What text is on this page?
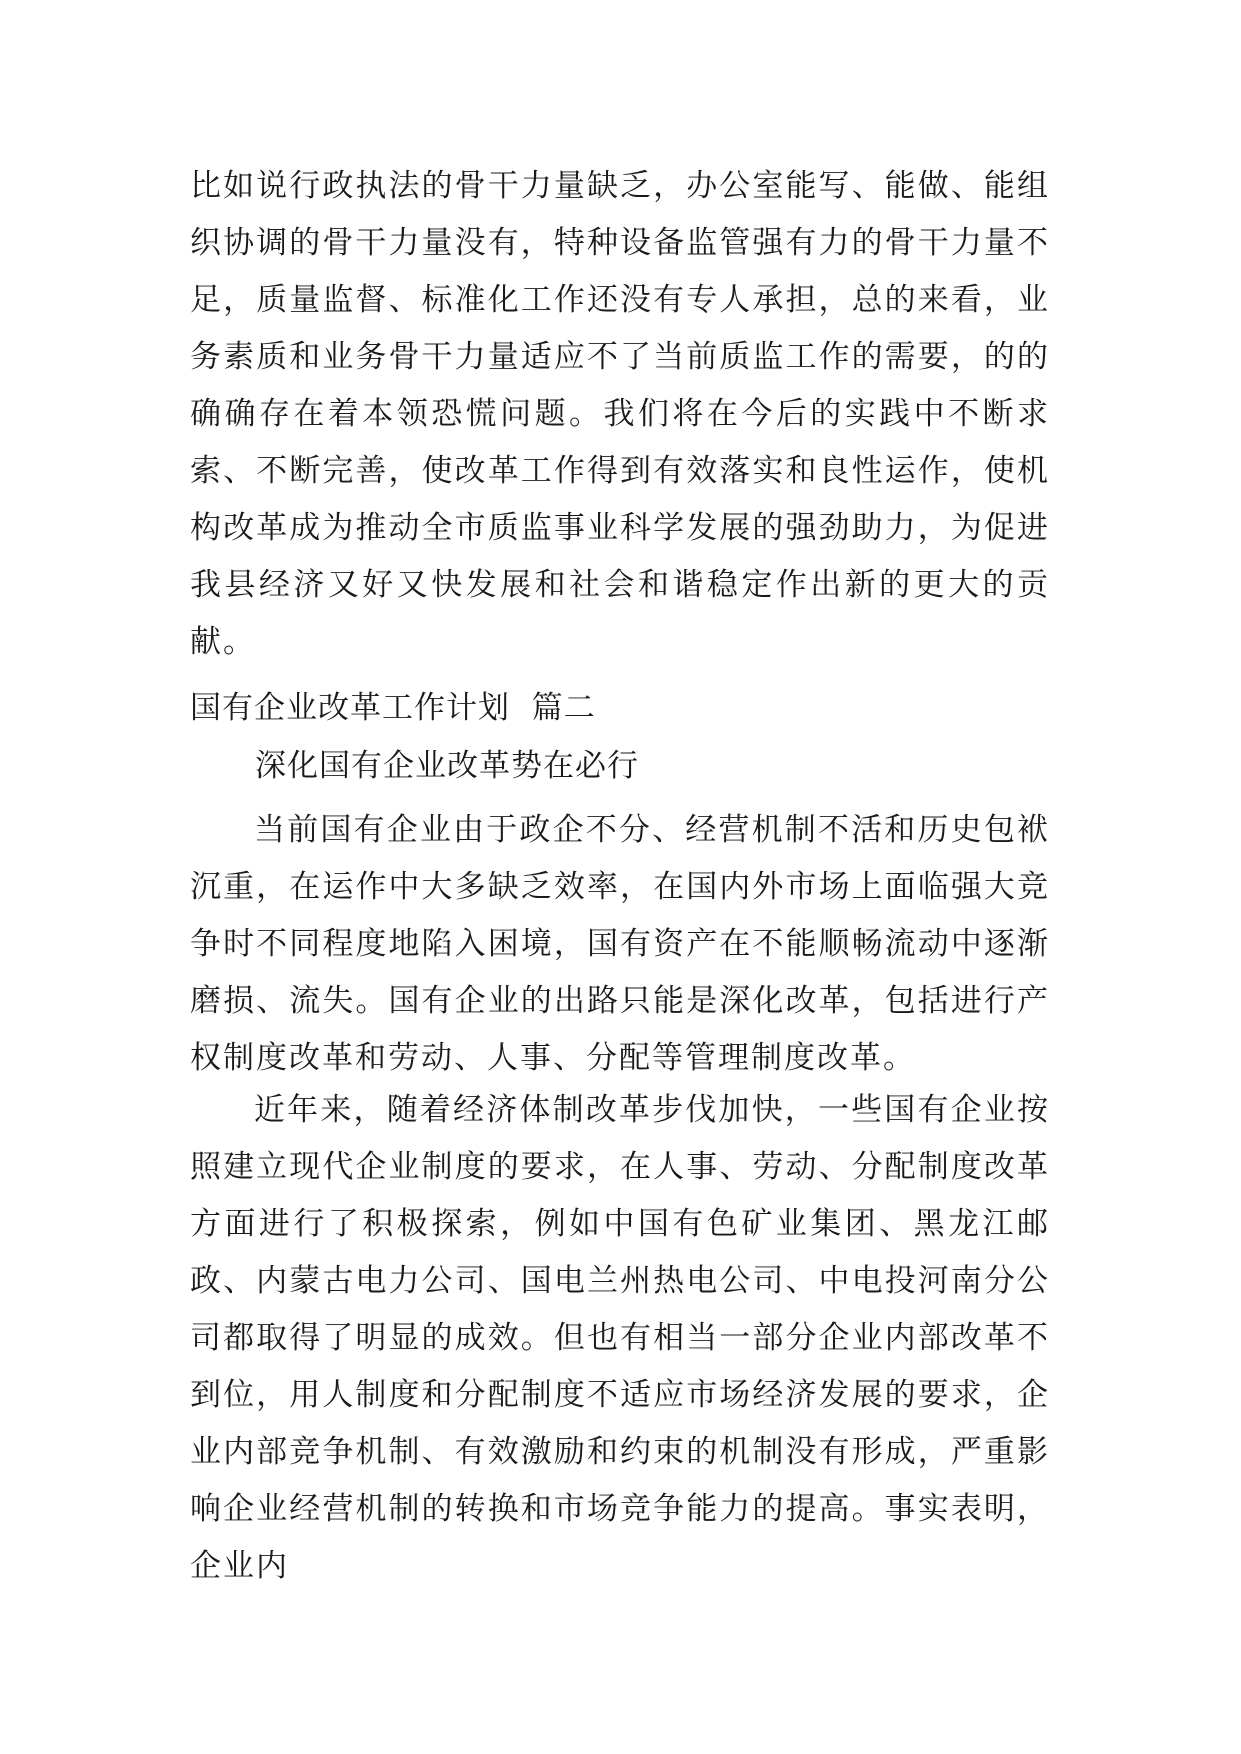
比如说行政执法的骨干力量缺乏，办公室能写、能做、能组织协调的骨干力量没有，特种设备监管强有力的骨干力量不足，质量监督、标准化工作还没有专人承担，总的来看，业务素质和业务骨干力量适应不了当前质监工作的需要，的的确确存在着本领恐慌问题。我们将在今后的实践中不断求索、不断完善，使改革工作得到有效落实和良性运作，使机构改革成为推动全市质监事业科学发展的强劲助力，为促进我县经济又好又快发展和社会和谐稳定作出新的更大的贡献。

国有企业改革工作计划  篇二
深化国有企业改革势在必行

当前国有企业由于政企不分、经营机制不活和历史包袱沉重，在运作中大多缺乏效率，在国内外市场上面临强大竞争时不同程度地陷入困境，国有资产在不能顺畅流动中逐渐磨损、流失。国有企业的出路只能是深化改革，包括进行产权制度改革和劳动、人事、分配等管理制度改革。

近年来，随着经济体制改革步伐加快，一些国有企业按照建立现代企业制度的要求，在人事、劳动、分配制度改革方面进行了积极探索，例如中国有色矿业集团、黑龙江邮政、内蒙古电力公司、国电兰州热电公司、中电投河南分公司都取得了明显的成效。但也有相当一部分企业内部改革不到位，用人制度和分配制度不适应市场经济发展的要求，企业内部竞争机制、有效激励和约束的机制没有形成，严重影响企业经营机制的转换和市场竞争能力的提高。事实表明，企业内
